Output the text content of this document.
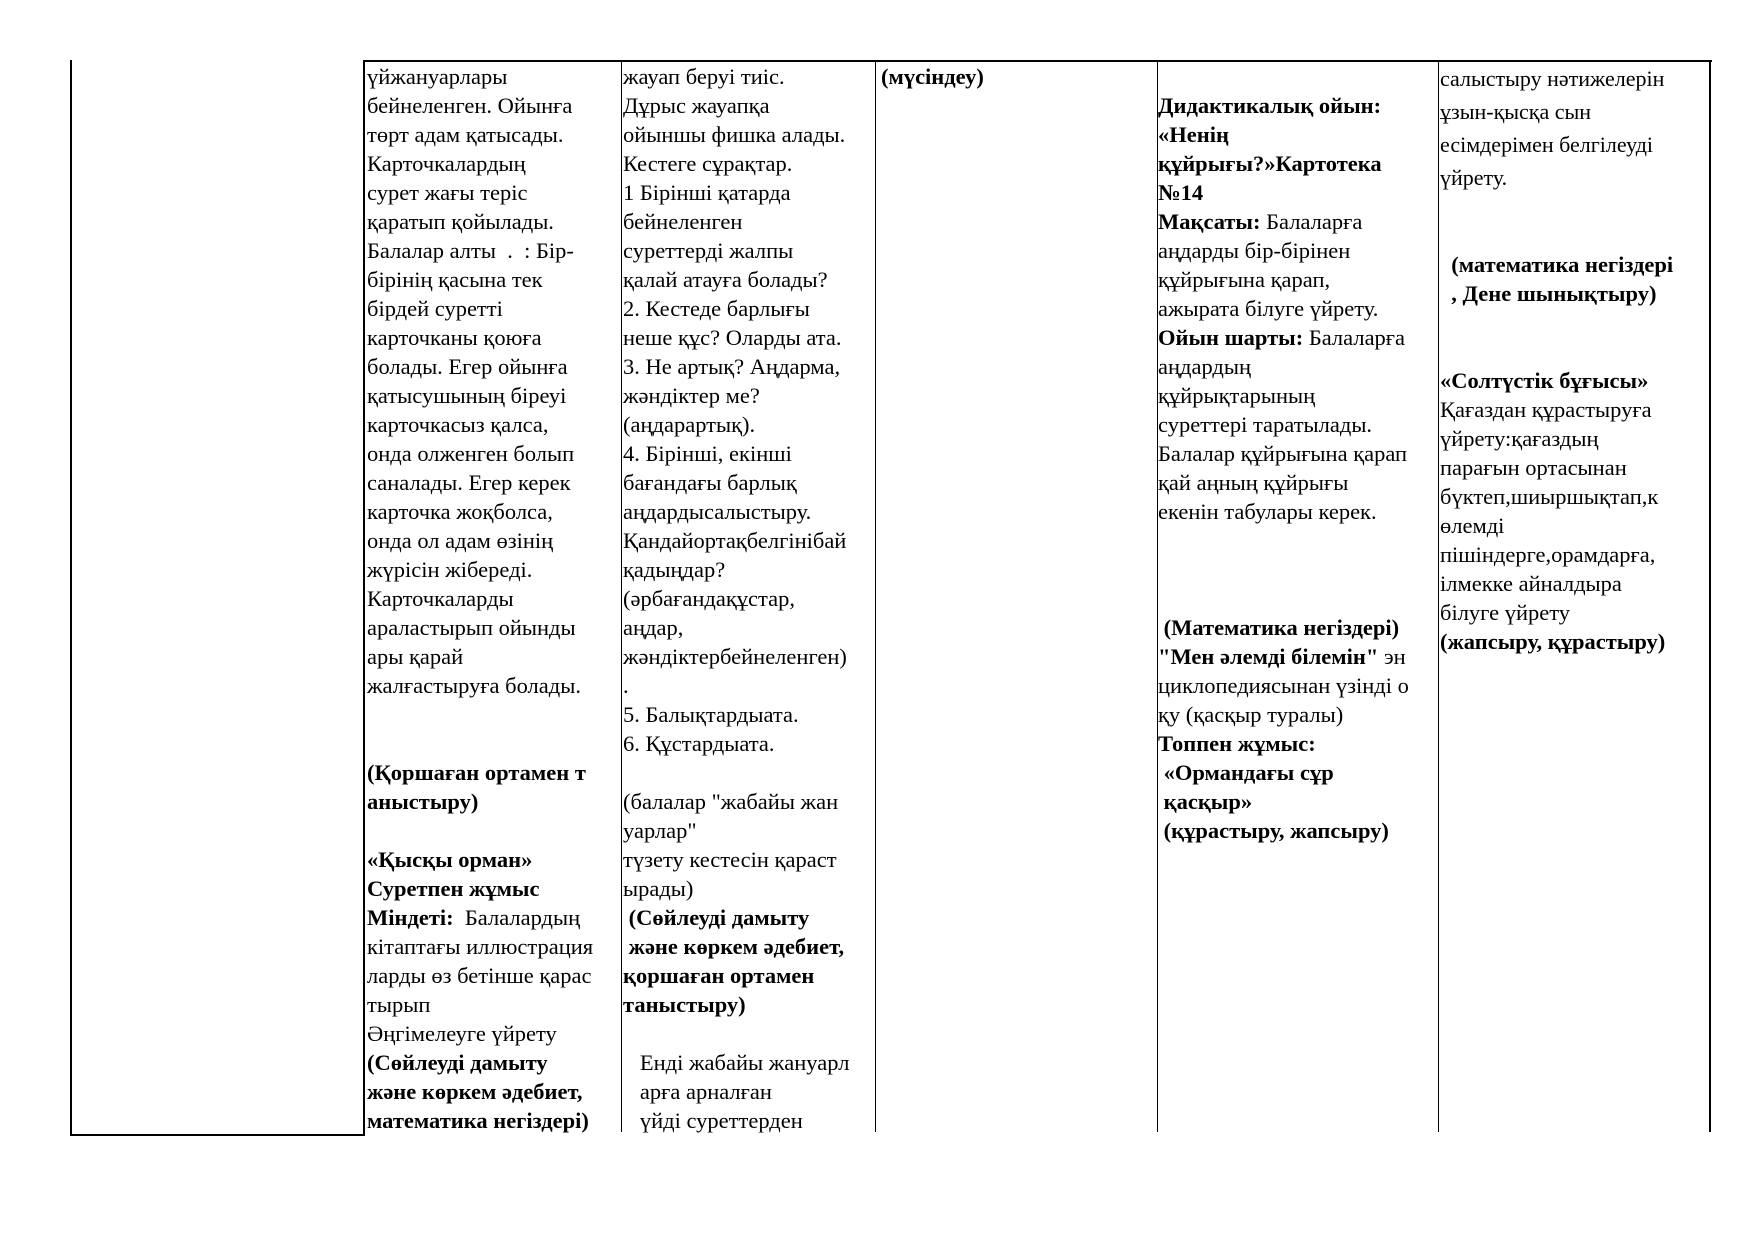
үйжануарлары
бейнеленген. Ойынға
төрт адам қатысады.
Карточкалардың
сурет жағы теріс
қаратып қойылады.
Балалар алты  .  : Бір-
бірінің қасына тек
бірдей суретті
карточканы қоюға
болады. Егер ойынға
қатысушының біреуі
карточкасыз қалса,
онда олженген болып
саналады. Егер керек
карточка жоқболса,
онда ол адам өзінің
жүрісін жібереді.
Карточкаларды
араластырып ойынды
ары қарай
жалғастыруға болады.
(Қоршаған ортамен т
аныстыру)
«Қысқы орман»
Суретпен жұмыс
Міндеті:  Балалардың
кітаптағы иллюстрация
ларды өз бетінше қарас
тырып
Әңгімелеуге үйрету
(Сөйлеуді дамыту
және көркем әдебиет,
математика негіздері)
жауап беруі тиіс.
Дұрыс жауапқа
ойыншы фишка алады.
Кестеге сұрақтар.
1 Бірінші қатарда
бейнеленген
суреттерді жалпы
қалай атауға болады?
2. Кестеде барлығы
неше құс? Оларды ата.
3. Не артық? Аңдарма,
жәндіктер ме?
(аңдарартық).
4. Бірінші, екінші
бағандағы барлық
аңдардысалыстыру.
Қандайортақбелгінібай
қадыңдар?
(әрбағандақұстар,
аңдар,
жәндіктербейнеленген)
.
5. Балықтардыата.
6. Құстардыата.
(балалар "жабайы жан
уарлар"
түзету кестесін қараст
ырады)
(Сөйлеуді дамыту
және көркем әдебиет,
қоршаған ортамен
таныстыру)
Енді жабайы жануарл
арға арналған
үйді суреттерден
(мүсіндеу)
Дидактикалық ойын:
«Ненің
құйрығы?»Картотека
№14
Мақсаты: Балаларға
аңдарды бір-бірінен
құйрығына қарап,
ажырата білуге үйрету.
Ойын шарты: Балаларға
аңдардың
құйрықтарының
суреттері таратылады.
Балалар құйрығына қарап
қай аңның құйрығы
екенін табулары керек.
(Математика негіздері)
"Мен әлемді білемін" эн
циклопедиясынан үзінді о
қу (қасқыр туралы)
Топпен жұмыс:
«Ормандағы сұр
қасқыр»
(құрастыру, жапсыру)
салыстыру нәтижелерін
ұзын-қысқа сын
есімдерімен белгілеуді
үйрету.
(математика негіздері
, Дене шынықтыру)
«Солтүстік бұғысы»
Қағаздан құрастыруға
үйрету:қағаздың
парағын ортасынан
бүктеп,шиыршықтап,к
өлемді
пішіндерге,орамдарға,
ілмекке айналдыра
білуге үйрету
(жапсыру, құрастыру)
